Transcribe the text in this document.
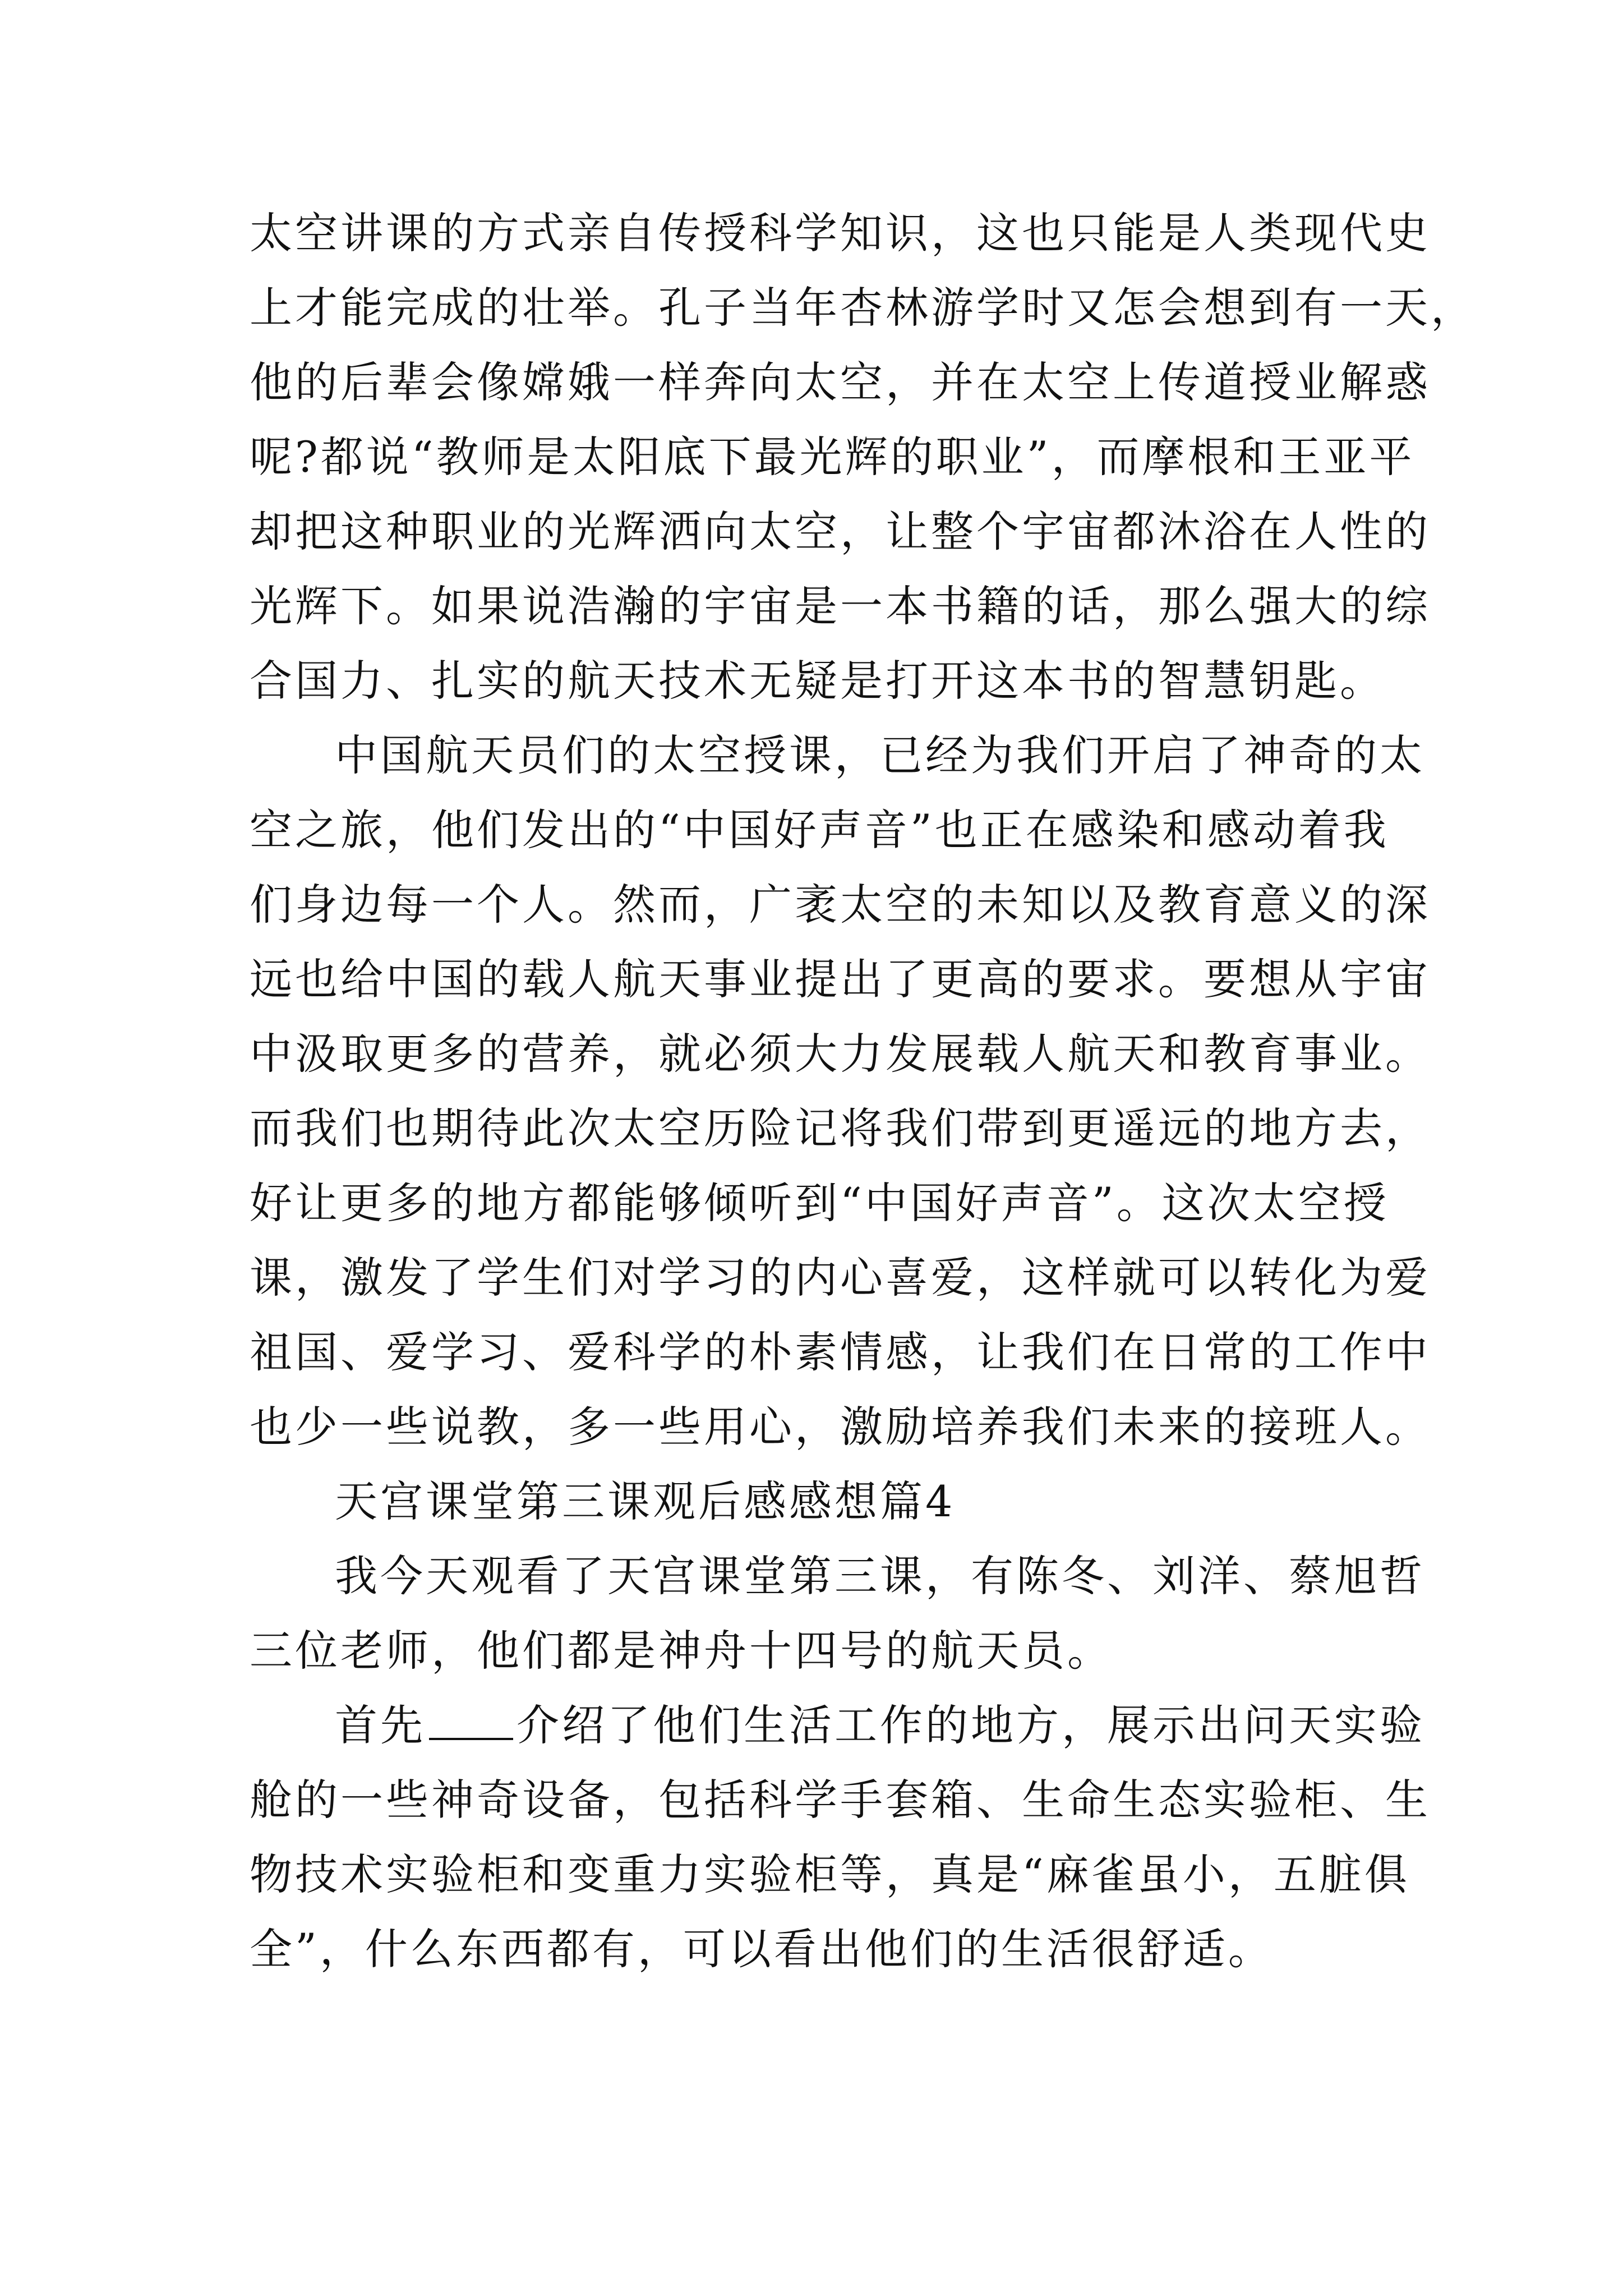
太空讲课的方式亲自传授科学知识，这也只能是人类现代史
上才能完成的壮举。孔子当年杏林游学时又怎会想到有一天，
他的后辈会像嫦娥一样奔向太空，并在太空上传道授业解惑
呢?都说“教师是太阳底下最光辉的职业”，而摩根和王亚平
却把这种职业的光辉洒向太空，让整个宇宙都沐浴在人性的
光辉下。如果说浩瀚的宇宙是一本书籍的话，那么强大的综
合国力、扎实的航天技术无疑是打开这本书的智慧钥匙。
中国航天员们的太空授课，已经为我们开启了神奇的太
空之旅，他们发出的“中国好声音”也正在感染和感动着我
们身边每一个人。然而，广袤太空的未知以及教育意义的深
远也给中国的载人航天事业提出了更高的要求。要想从宇宙
中汲取更多的营养，就必须大力发展载人航天和教育事业。
而我们也期待此次太空历险记将我们带到更遥远的地方去，
好让更多的地方都能够倾听到“中国好声音”。这次太空授
课，激发了学生们对学习的内心喜爱，这样就可以转化为爱
祖国、爱学习、爱科学的朴素情感，让我们在日常的工作中
也少一些说教，多一些用心，激励培养我们未来的接班人。
天宫课堂第三课观后感感想篇4
我今天观看了天宫课堂第三课，有陈冬、刘洋、蔡旭哲
三位老师，他们都是神舟十四号的航天员。
首先 介绍了他们生活工作的地方，展示出问天实验
舱的一些神奇设备，包括科学手套箱、生命生态实验柜、生
物技术实验柜和变重力实验柜等，真是“麻雀虽小，五脏俱
全”，什么东西都有，可以看出他们的生活很舒适。
